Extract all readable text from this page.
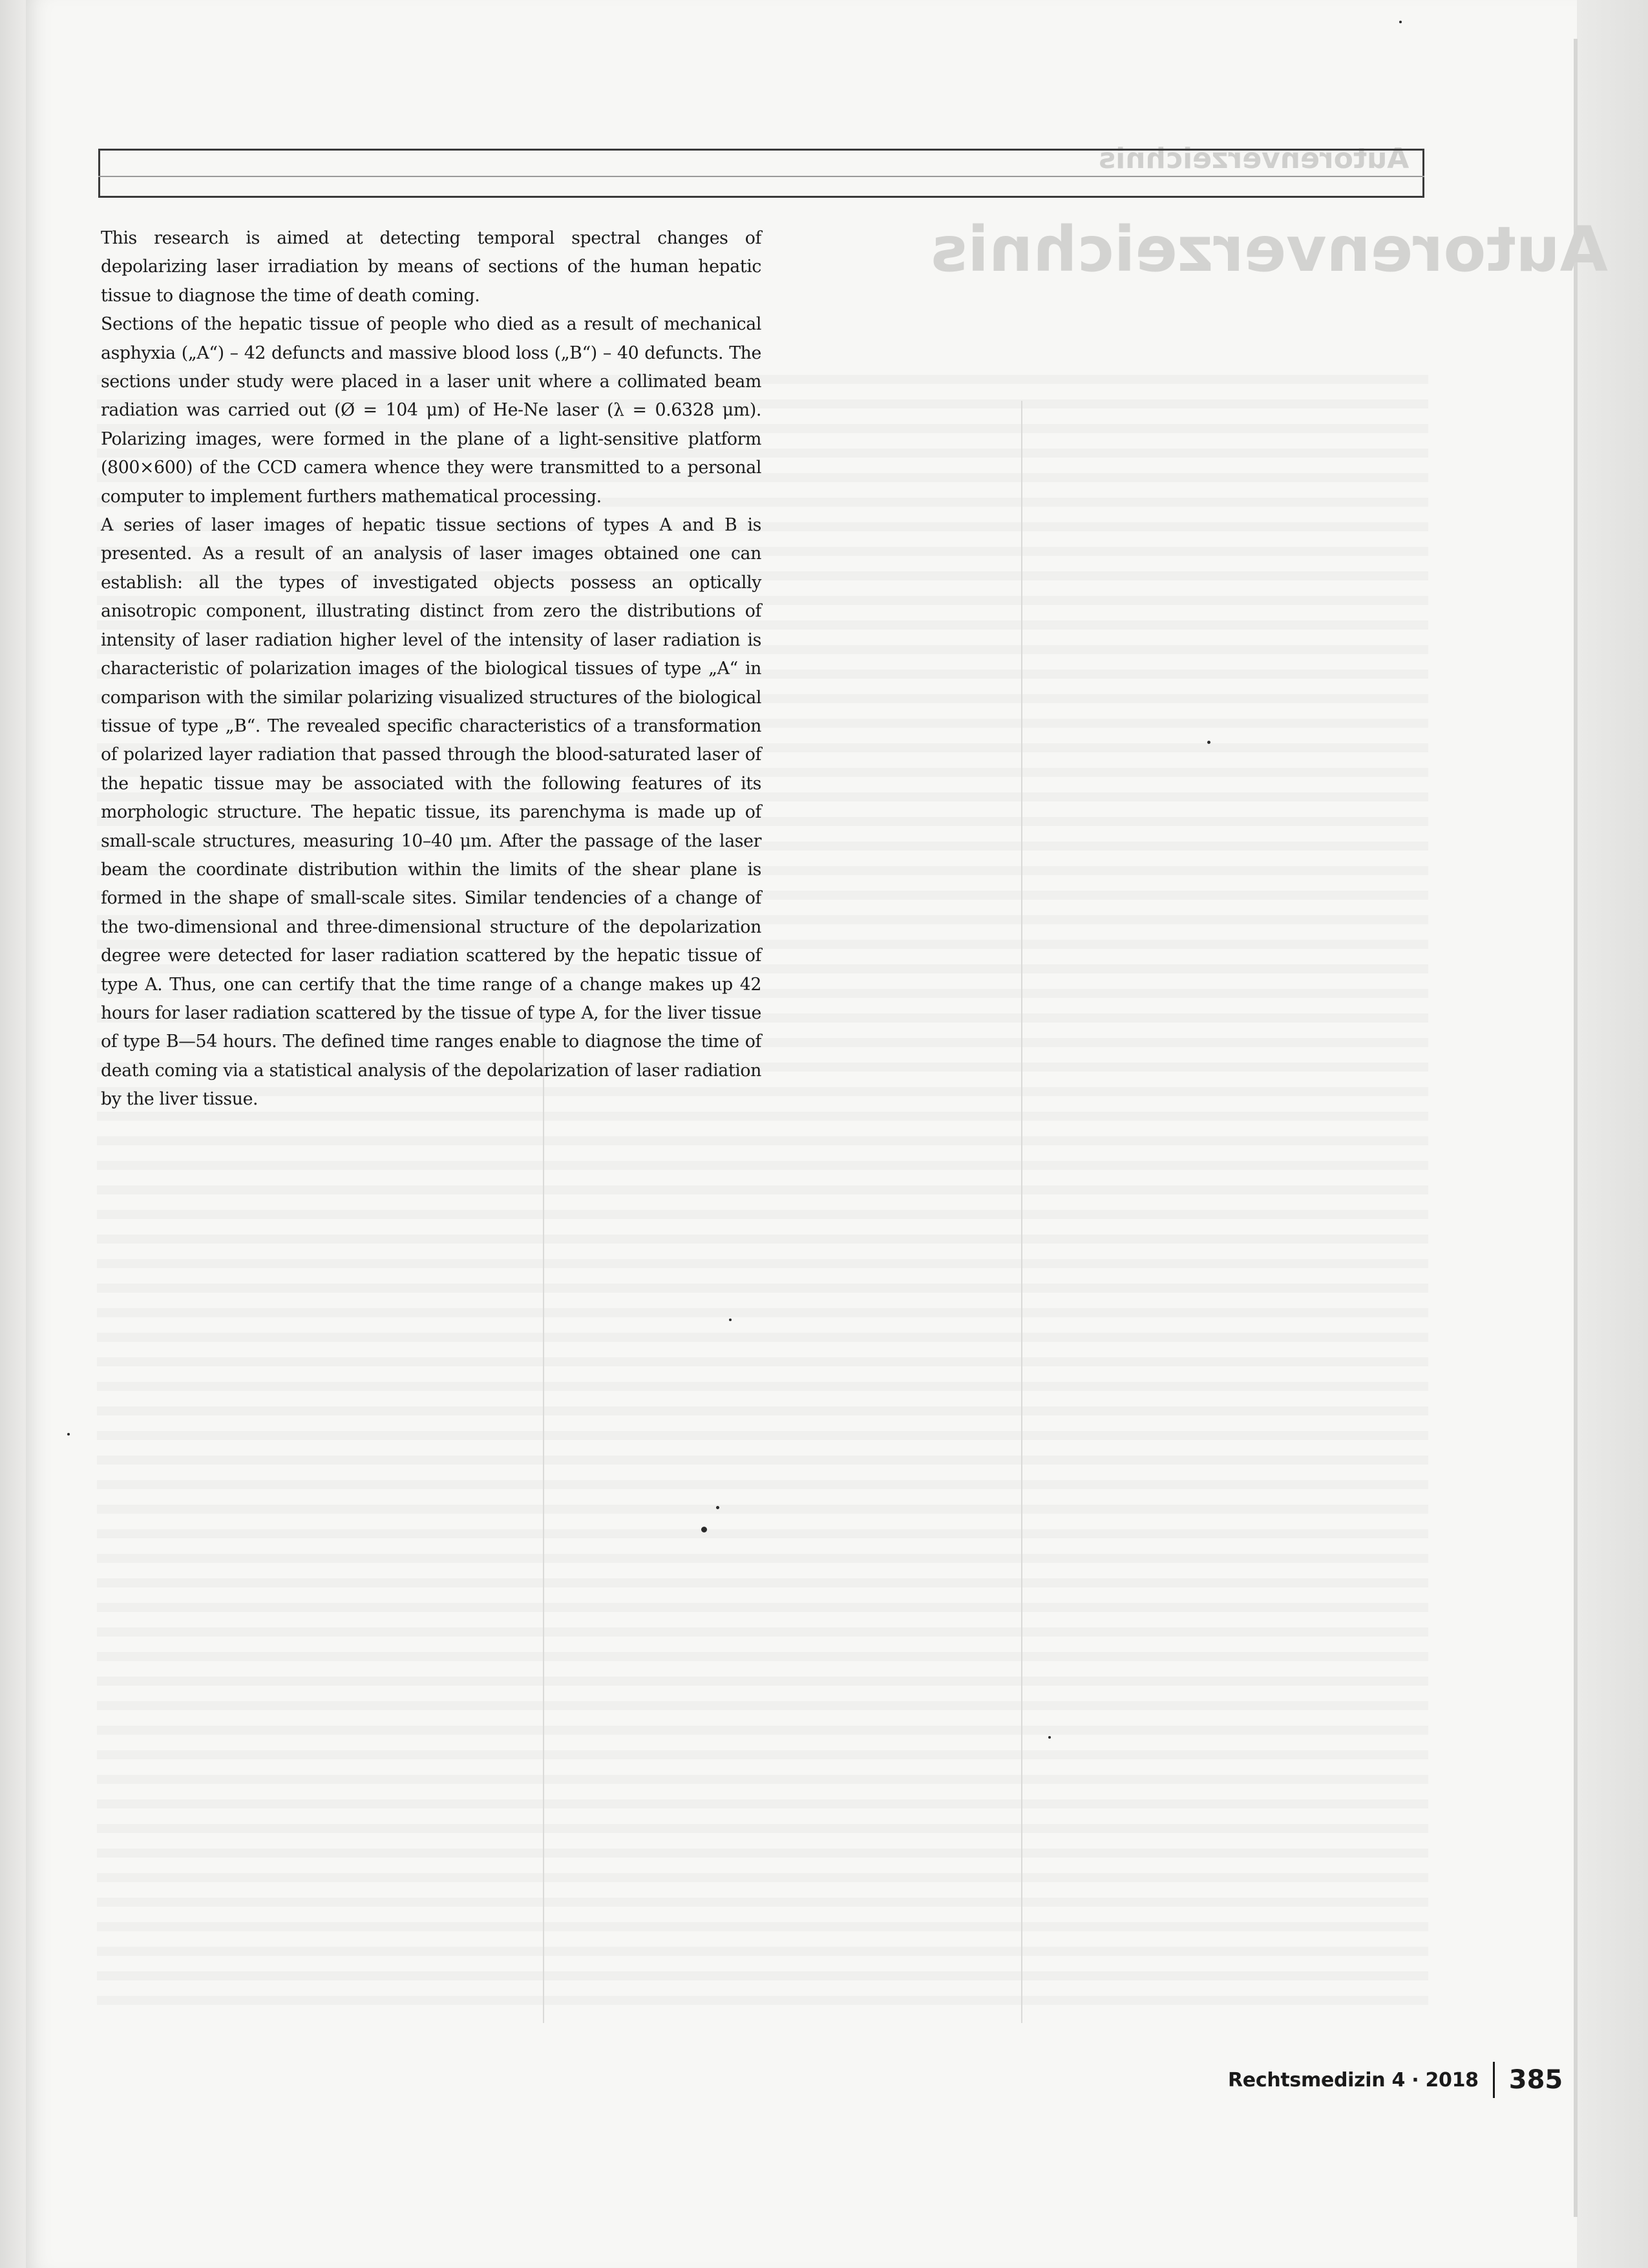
Autorenverzeichnis
Autorenverzeichnis

This research is aimed at detecting temporal spectral changes of depolarizing laser irradiation by means of sections of the human hepatic tissue to diagnose the time of death coming.

Sections of the hepatic tissue of people who died as a result of mechanical asphyxia („A“) – 42 defuncts and massive blood loss („B“) – 40 defuncts. The sections under study were placed in a laser unit where a collimated beam radiation was carried out (Ø = 104 μm) of He-Ne laser (λ = 0.6328 μm). Polarizing images, were formed in the plane of a light-sensitive platform (800×600) of the CCD camera whence they were transmitted to a personal computer to implement furthers mathematical processing.

A series of laser images of hepatic tissue sections of types A and B is presented. As a result of an analysis of laser images obtained one can establish: all the types of investigated objects possess an optically anisotropic component, illustrating distinct from zero the distributions of intensity of laser radiation higher level of the intensity of laser radiation is characteristic of polarization images of the biological tissues of type „A“ in comparison with the similar polarizing visualized structures of the biological tissue of type „B“. The revealed specific characteristics of a transformation of polarized layer radiation that passed through the blood-saturated laser of the hepatic tissue may be associated with the following features of its morphologic structure. The hepatic tissue, its parenchyma is made up of small-scale structures, measuring 10–40 μm. After the passage of the laser beam the coordinate distribution within the limits of the shear plane is formed in the shape of small-scale sites. Similar tendencies of a change of the two-dimensional and three-dimensional structure of the depolarization degree were detected for laser radiation scattered by the hepatic tissue of type A. Thus, one can certify that the time range of a change makes up 42 hours for laser radiation scattered by the tissue of type A, for the liver tissue of type B—54 hours. The defined time ranges enable to diagnose the time of death coming via a statistical analysis of the depolarization of laser radiation by the liver tissue.

Rechtsmedizin 4 · 2018 385
